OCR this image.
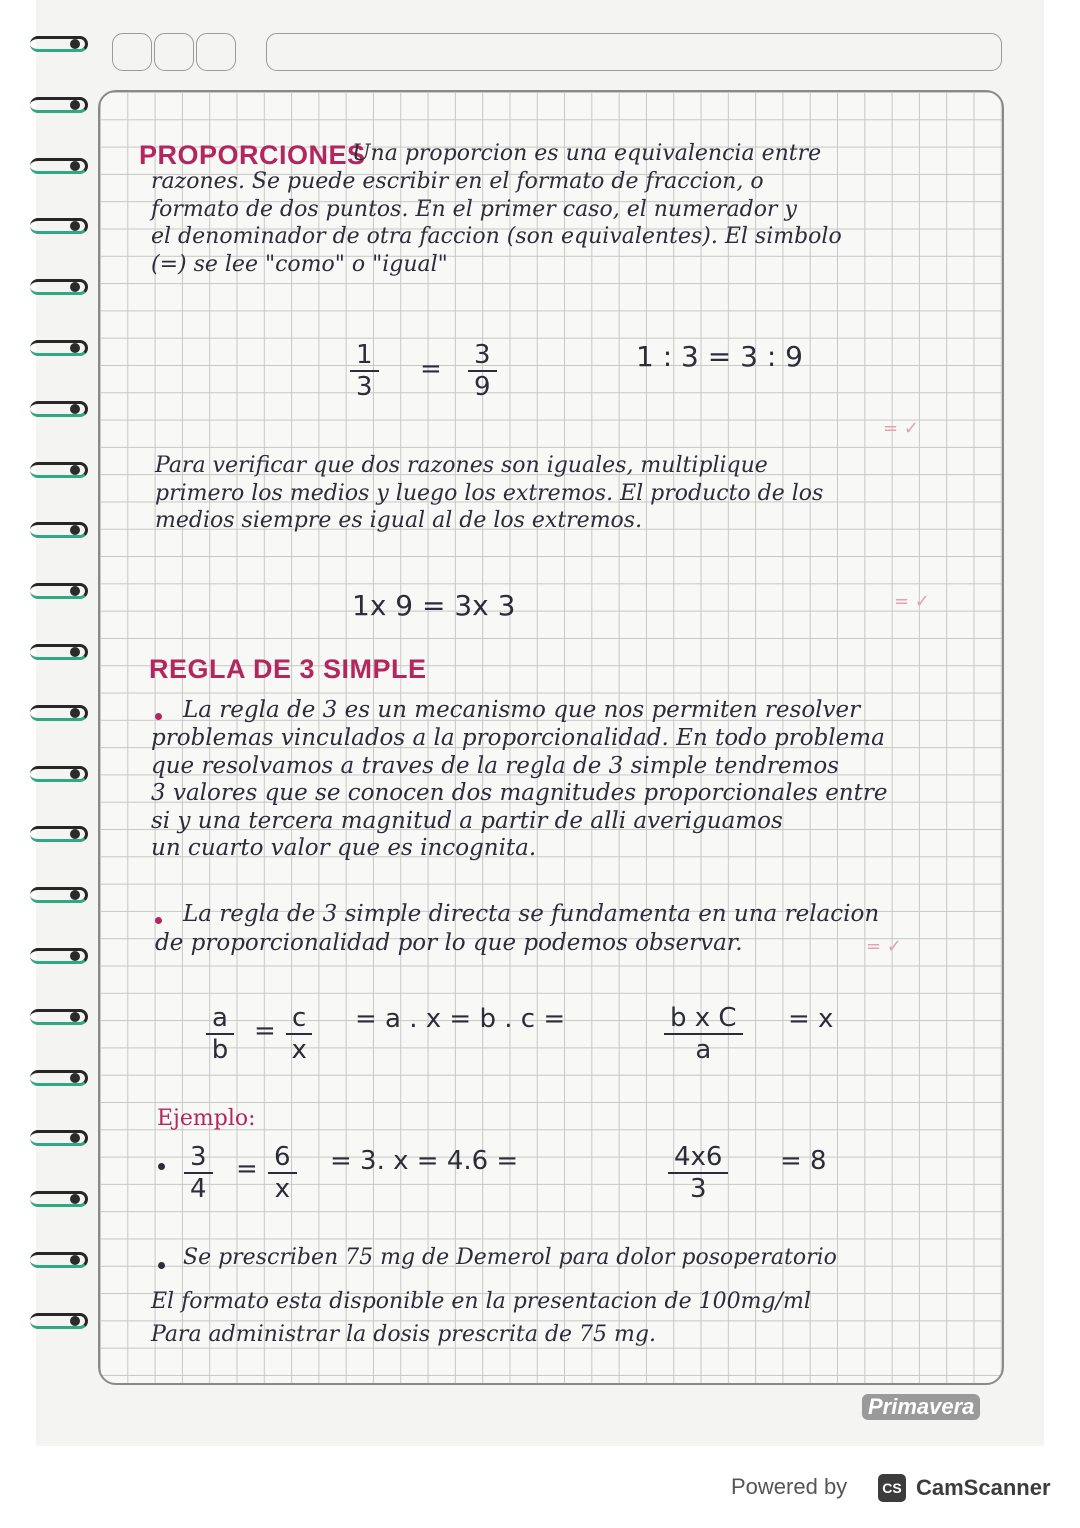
PROPORCIONES
Una proporcion es una equivalencia entre
razones. Se puede escribir en el formato de fraccion, o
formato de dos puntos. En el primer caso, el numerador y
el denominador de otra faccion (son equivalentes). El simbolo
(=) se lee "como" o "igual"
$\frac{1}{3} = \frac{3}{9}$	1 : 3 = 3 : 9
= ✓
Para verificar que dos razones son iguales, multiplique
primero los medios y luego los extremos. El producto de los
medios siempre es igual al de los extremos.
1x 9 = 3x 3	= ✓
REGLA DE 3 SIMPLE
La regla de 3 es un mecanismo que nos permiten resolver
problemas vinculados a la proporcionalidad. En todo problema
que resolvamos a traves de la regla de 3 simple tendremos
3 valores que se conocen dos magnitudes proporcionales entre
si y una tercera magnitud a partir de alli averiguamos
un cuarto valor que es incognita.
La regla de 3 simple directa se fundamenta en una relacion
de proporcionalidad por lo que podemos observar.	= ✓
$\frac{a}{b} = \frac{c}{x} = a$ . x = b . c =	$\frac{\text{b x C}}{a} = x$
Ejemplo:
$\frac{3}{4} = \frac{6}{x} = 3$. x = 4.6 =	$\frac{4x6}{3} = 8$
Se prescriben 75 mg de Demerol para dolor posoperatorio
El formato esta disponible en la presentacion de 100mg/ml
Para administrar la dosis prescrita de 75 mg.
Primavera
Powered by	CS CamScanner
